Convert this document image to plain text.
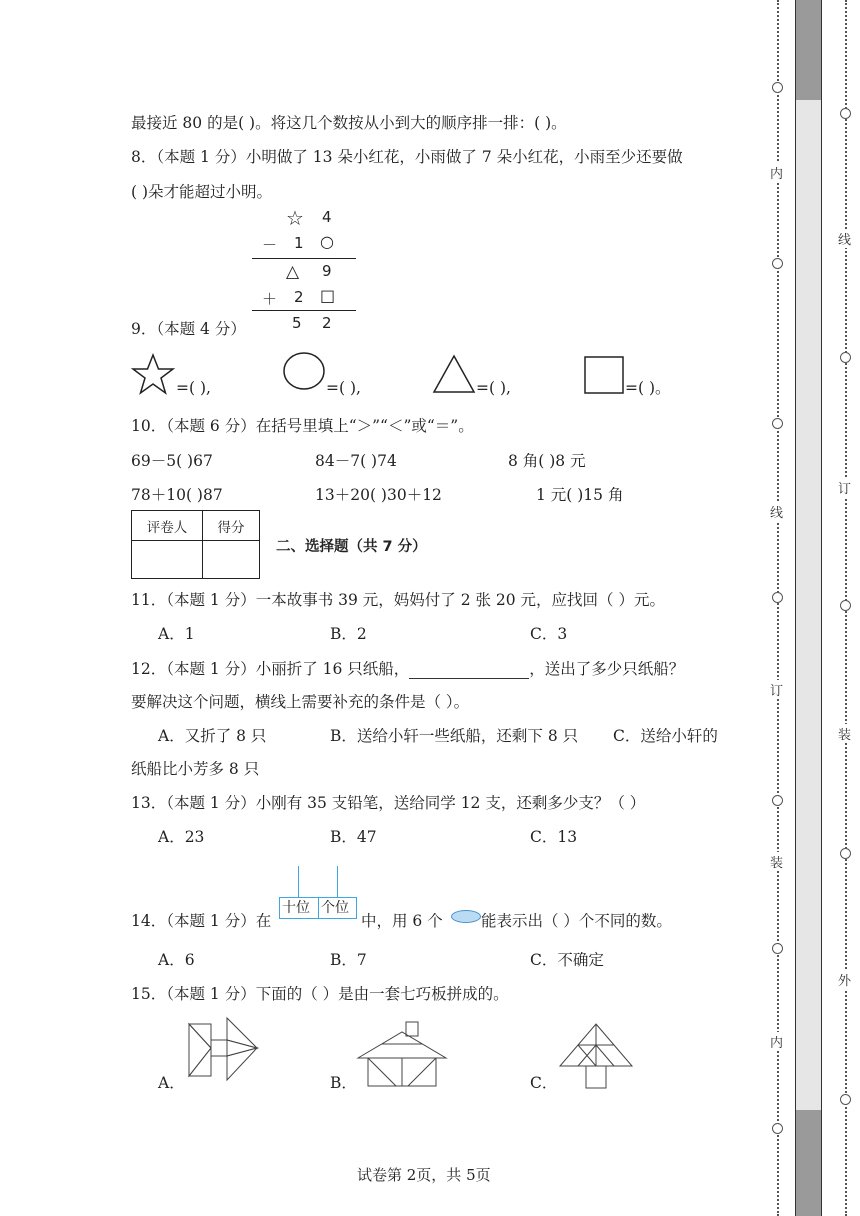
最接近 80 的是( )。将这几个数按从小到大的顺序排一排：( )。
8．（本题 1 分）小明做了 13 朵小红花，小雨做了 7 朵小红花，小雨至少还要做
( )朵才能超过小明。
☆ 4
－ 1 ○
△ 9
＋ 2 □
5 2
9．（本题 4 分）
=( ),	=( ),	=( ),	=( )。
10．（本题 6 分）在括号里填上“＞”“＜”或“＝”。
69－5( )67	84－7( )74	8 角( )8 元
78＋10( )87	13＋20( )30＋12	1 元( )15 角
评卷人	得分

二、选择题（共 7 分）
11．（本题 1 分）一本故事书 39 元，妈妈付了 2 张 20 元，应找回（ ）元。
A．1	B．2	C．3
12．（本题 1 分）小丽折了 16 只纸船，	，送出了多少只纸船？
要解决这个问题，横线上需要补充的条件是（ ）。
A．又折了 8 只	B．送给小轩一些纸船，还剩下 8 只 C．送给小轩的
纸船比小芳多 8 只
13．（本题 1 分）小刚有 35 支铅笔，送给同学 12 支，还剩多少支？（ ）
A．23	B．47	C．13
14．（本题 1 分）在
十位 个位
中，用 6 个 能表示出（ ）个不同的数。
A．6	B．7	C．不确定
15．（本题 1 分）下面的（ ）是由一套七巧板拼成的。
A．	B．	C．
试卷第 2页，共 5页
内
线
订
装
内
线
订
装
外
